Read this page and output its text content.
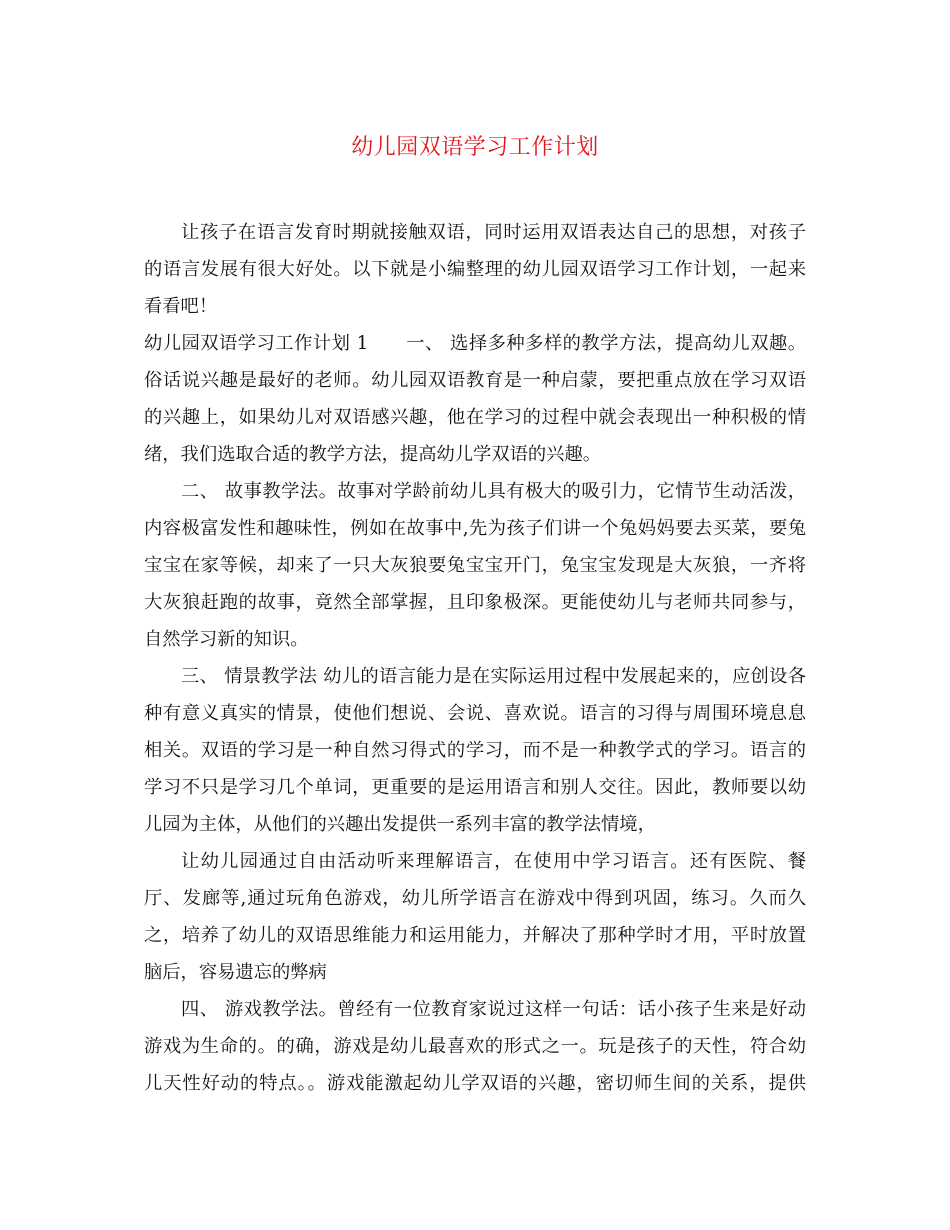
幼儿园双语学习工作计划
让孩子在语言发育时期就接触双语，同时运用双语表达自己的思想，对孩子
的语言发展有很大好处。以下就是小编整理的幼儿园双语学习工作计划，一起来
看看吧！
幼儿园双语学习工作计划 1　　一、 选择多种多样的教学方法，提高幼儿双趣。
俗话说兴趣是最好的老师。幼儿园双语教育是一种启蒙，要把重点放在学习双语
的兴趣上，如果幼儿对双语感兴趣，他在学习的过程中就会表现出一种积极的情
绪，我们选取合适的教学方法，提高幼儿学双语的兴趣。
二、 故事教学法。故事对学龄前幼儿具有极大的吸引力，它情节生动活泼，
内容极富发性和趣味性，例如在故事中,先为孩子们讲一个兔妈妈要去买菜，要兔
宝宝在家等候，却来了一只大灰狼要兔宝宝开门，兔宝宝发现是大灰狼，一齐将
大灰狼赶跑的故事，竟然全部掌握，且印象极深。更能使幼儿与老师共同参与，
自然学习新的知识。
三、 情景教学法 幼儿的语言能力是在实际运用过程中发展起来的，应创设各
种有意义真实的情景，使他们想说、会说、喜欢说。语言的习得与周围环境息息
相关。双语的学习是一种自然习得式的学习，而不是一种教学式的学习。语言的
学习不只是学习几个单词，更重要的是运用语言和别人交往。因此，教师要以幼
儿园为主体，从他们的兴趣出发提供一系列丰富的教学法情境，
让幼儿园通过自由活动听来理解语言，在使用中学习语言。还有医院、餐
厅、发廊等,通过玩角色游戏，幼儿所学语言在游戏中得到巩固，练习。久而久
之，培养了幼儿的双语思维能力和运用能力，并解决了那种学时才用，平时放置
脑后，容易遗忘的弊病
四、 游戏教学法。曾经有一位教育家说过这样一句话：话小孩子生来是好动
游戏为生命的。的确，游戏是幼儿最喜欢的形式之一。玩是孩子的天性，符合幼
儿天性好动的特点。。游戏能激起幼儿学双语的兴趣，密切师生间的关系，提供
